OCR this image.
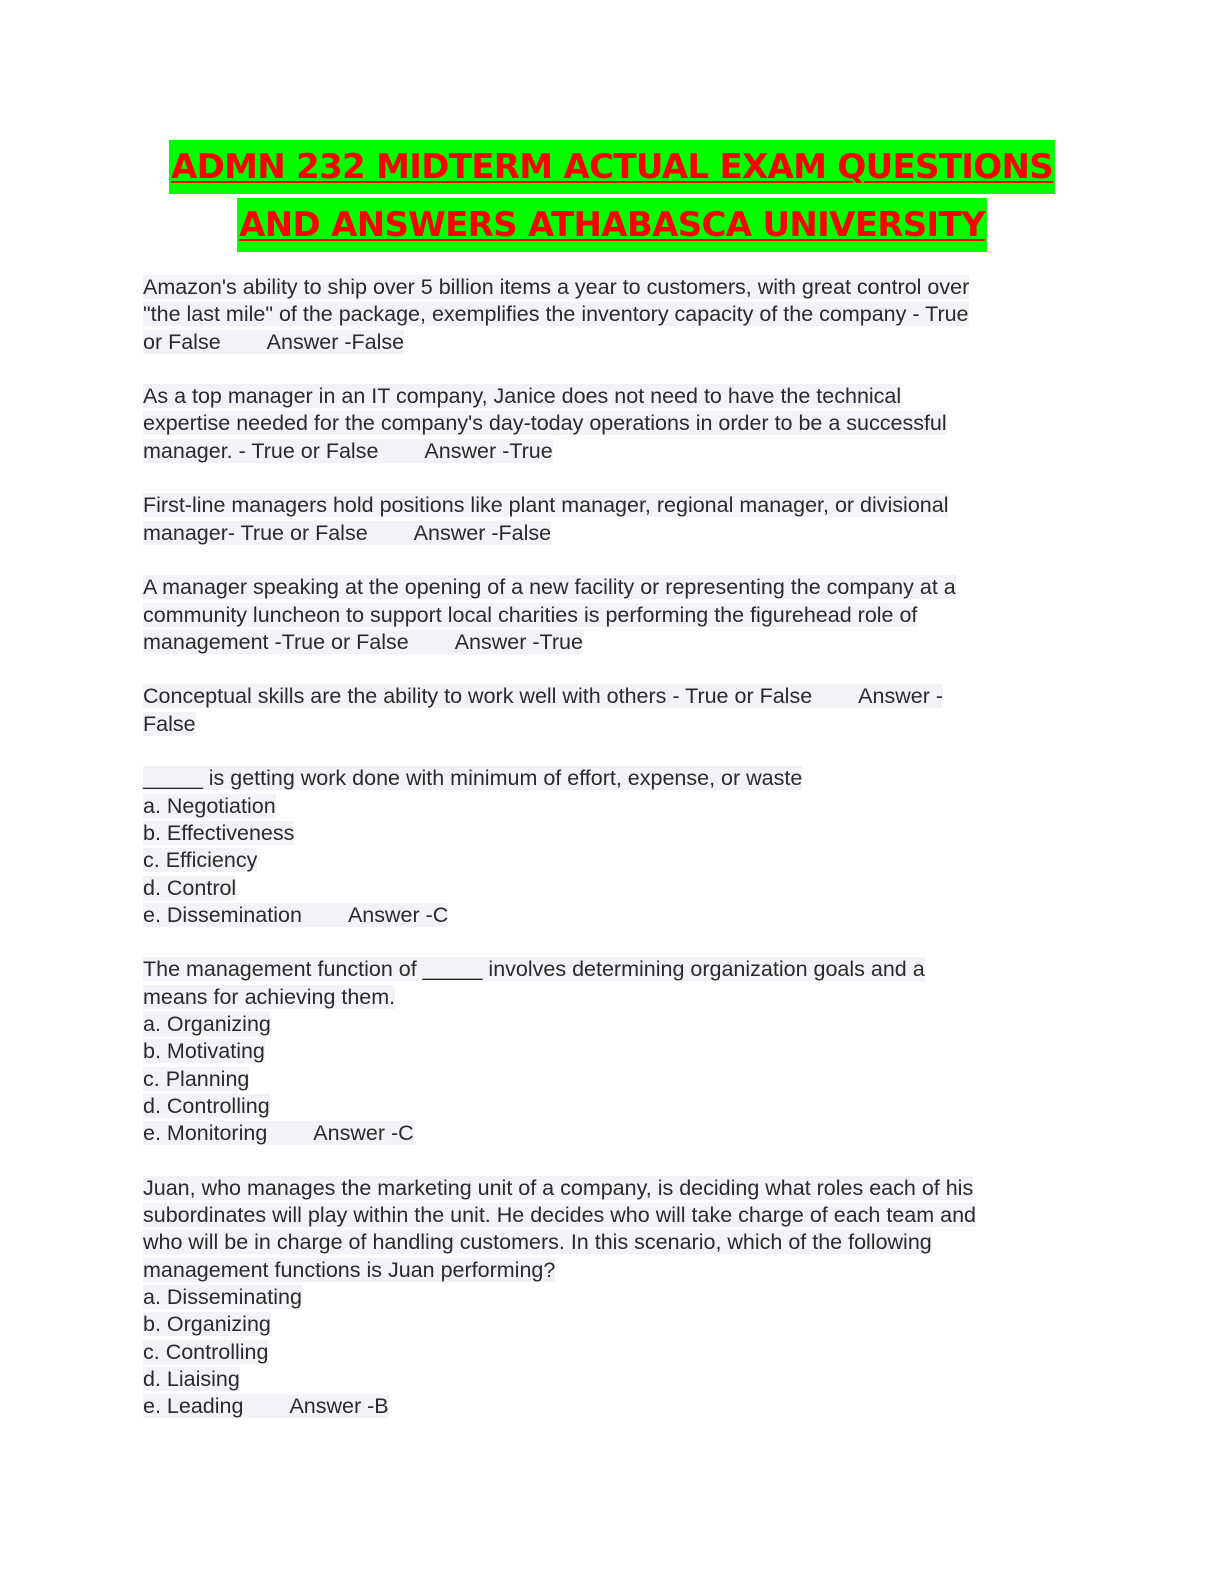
ADMN 232 MIDTERM ACTUAL EXAM QUESTIONS
AND ANSWERS ATHABASCA UNIVERSITY
Amazon's ability to ship over 5 billion items a year to customers, with great control over
"the last mile" of the package, exemplifies the inventory capacity of the company - True
or False Answer -False
As a top manager in an IT company, Janice does not need to have the technical
expertise needed for the company's day-today operations in order to be a successful
manager. - True or False Answer -True
First-line managers hold positions like plant manager, regional manager, or divisional
manager- True or False Answer -False
A manager speaking at the opening of a new facility or representing the company at a
community luncheon to support local charities is performing the figurehead role of
management -True or False Answer -True
Conceptual skills are the ability to work well with others - True or False Answer -
False
_____ is getting work done with minimum of effort, expense, or waste
a. Negotiation
b. Effectiveness
c. Efficiency
d. Control
e. Dissemination Answer -C
The management function of _____ involves determining organization goals and a
means for achieving them.
a. Organizing
b. Motivating
c. Planning
d. Controlling
e. Monitoring Answer -C
Juan, who manages the marketing unit of a company, is deciding what roles each of his
subordinates will play within the unit. He decides who will take charge of each team and
who will be in charge of handling customers. In this scenario, which of the following
management functions is Juan performing?
a. Disseminating
b. Organizing
c. Controlling
d. Liaising
e. Leading Answer -B
